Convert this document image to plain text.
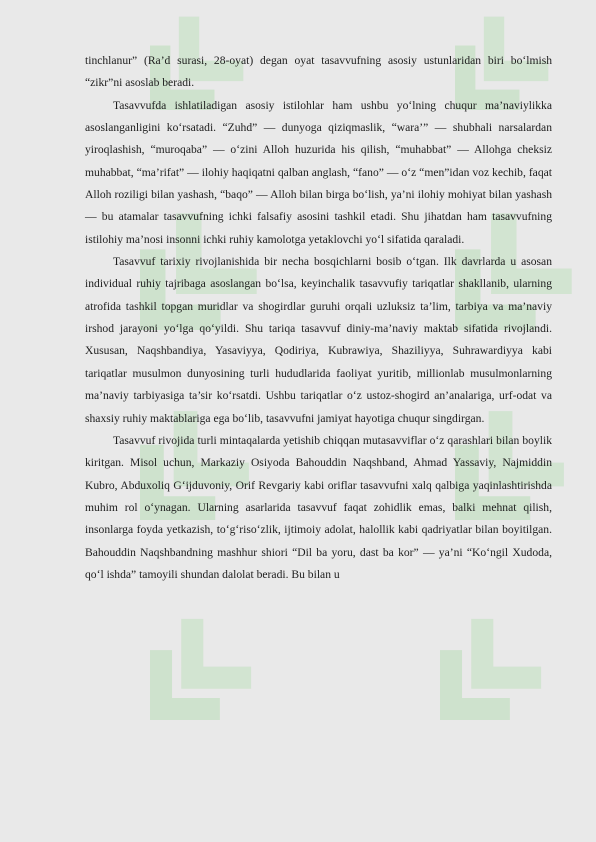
tinchlanur” (Ra’d surasi, 28-oyat) degan oyat tasavvufning asosiy ustunlaridan biri bo‘lmish “zikr”ni asoslab beradi.

Tasavvufda ishlatiladigan asosiy istilohlar ham ushbu yo‘lning chuqur ma’naviylikka asoslanganligini ko‘rsatadi. “Zuhd” — dunyoga qiziqmaslik, “wara’” — shubhali narsalardan yiroqlashish, “muroqaba” — o‘zini Alloh huzurida his qilish, “muhabbat” — Allohga cheksiz muhabbat, “ma’rifat” — ilohiy haqiqatni qalban anglash, “fano” — o‘z “men”idan voz kechib, faqat Alloh roziligi bilan yashash, “baqo” — Alloh bilan birga bo‘lish, ya’ni ilohiy mohiyat bilan yashash — bu atamalar tasavvufning ichki falsafiy asosini tashkil etadi. Shu jihatdan ham tasavvufning istilohiy ma’nosi insonni ichki ruhiy kamolotga yetaklovchi yo‘l sifatida qaraladi.

Tasavvuf tarixiy rivojlanishida bir necha bosqichlarni bosib o‘tgan. Ilk davrlarda u asosan individual ruhiy tajribaga asoslangan bo‘lsa, keyinchalik tasavvufiy tariqatlar shakllanib, ularning atrofida tashkil topgan muridlar va shogirdlar guruhi orqali uzluksiz ta’lim, tarbiya va ma’naviy irshod jarayoni yo‘lga qo‘yildi. Shu tariqa tasavvuf diniy-ma’naviy maktab sifatida rivojlandi. Xususan, Naqshbandiya, Yasaviyya, Qodiriya, Kubrawiya, Shaziliyya, Suhrawardiyya kabi tariqatlar musulmon dunyosining turli hududlarida faoliyat yuritib, millionlab musulmonlarning ma’naviy tarbiyasiga ta’sir ko‘rsatdi. Ushbu tariqatlar o‘z ustoz-shogird an’analariga, urf-odat va shaxsiy ruhiy maktablariga ega bo‘lib, tasavvufni jamiyat hayotiga chuqur singdirgan.

Tasavvuf rivojida turli mintaqalarda yetishib chiqqan mutasavviflar o‘z qarashlari bilan boylik kiritgan. Misol uchun, Markaziy Osiyoda Bahouddin Naqshband, Ahmad Yassaviy, Najmiddin Kubro, Abduxoliq G‘ijduvoniy, Orif Revgariy kabi oriflar tasavvufni xalq qalbiga yaqinlashtirishda muhim rol o‘ynagan. Ularning asarlarida tasavvuf faqat zohidlik emas, balki mehnat qilish, insonlarga foyda yetkazish, to‘g‘riso‘zlik, ijtimoiy adolat, halollik kabi qadriyatlar bilan boyitilgan. Bahouddin Naqshbandning mashhur shiori “Dil ba yoru, dast ba kor” — ya’ni “Ko‘ngil Xudoda, qo‘l ishda” tamoyili shundan dalolat beradi. Bu bilan u
